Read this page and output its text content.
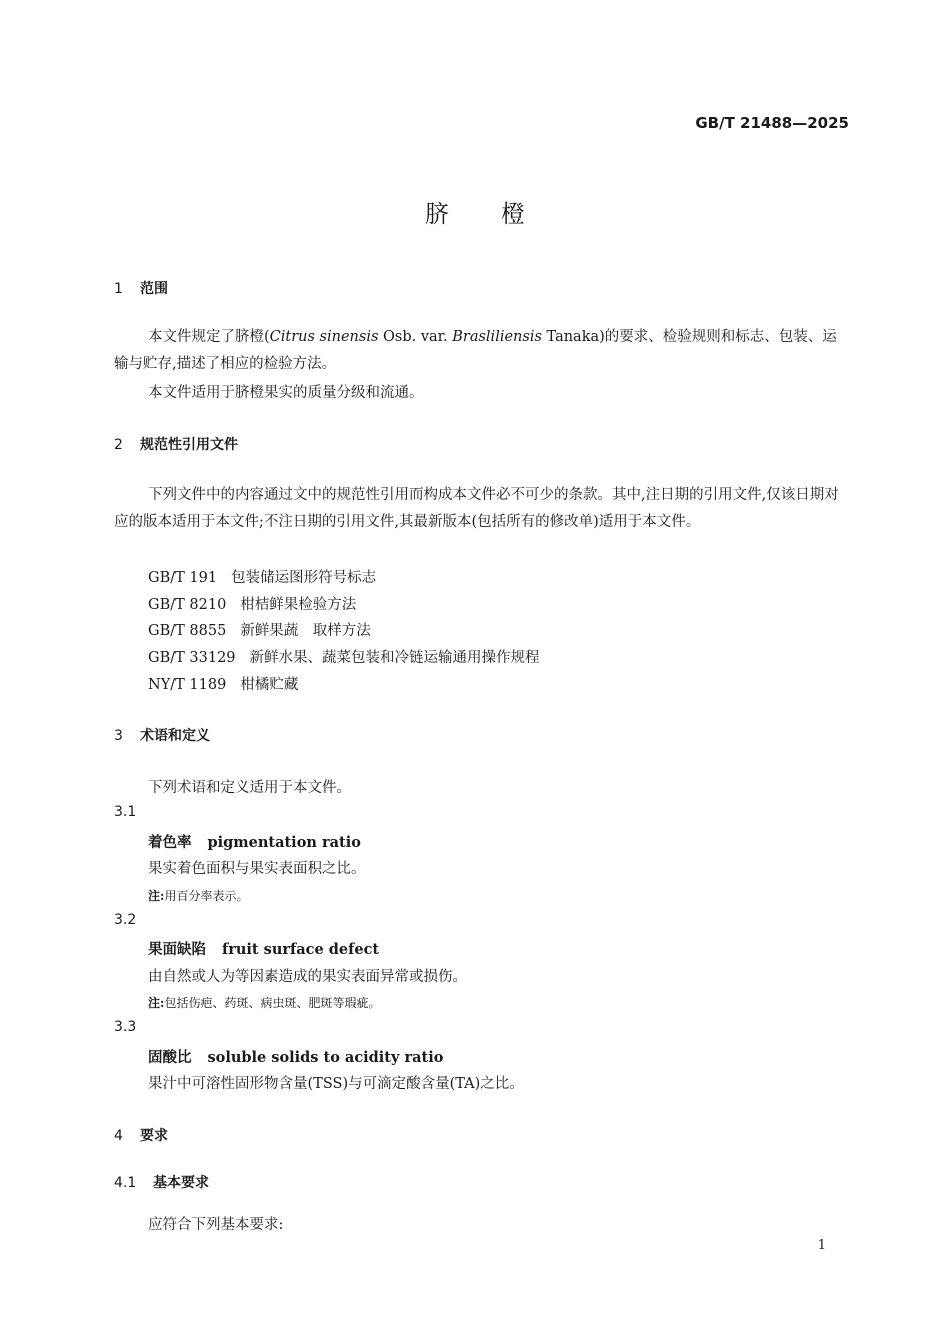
GB/T 21488—2025
脐橙
1 范围
本文件规定了脐橙(Citrus sinensis Osb. var. Brasliliensis Tanaka)的要求、检验规则和标志、包装、运输与贮存,描述了相应的检验方法。
本文件适用于脐橙果实的质量分级和流通。
2 规范性引用文件
下列文件中的内容通过文中的规范性引用而构成本文件必不可少的条款。其中,注日期的引用文件,仅该日期对应的版本适用于本文件;不注日期的引用文件,其最新版本(包括所有的修改单)适用于本文件。
GB/T 191 包装储运图形符号标志
GB/T 8210 柑桔鲜果检验方法
GB/T 8855 新鲜果蔬　取样方法
GB/T 33129 新鲜水果、蔬菜包装和冷链运输通用操作规程
NY/T 1189 柑橘贮藏
3 术语和定义
下列术语和定义适用于本文件。
3.1
着色率 pigmentation ratio
果实着色面积与果实表面积之比。
注:用百分率表示。
3.2
果面缺陷 fruit surface defect
由自然或人为等因素造成的果实表面异常或损伤。
注:包括伤疤、药斑、病虫斑、肥斑等瑕疵。
3.3
固酸比 soluble solids to acidity ratio
果汁中可溶性固形物含量(TSS)与可滴定酸含量(TA)之比。
4 要求
4.1 基本要求
应符合下列基本要求:
1
